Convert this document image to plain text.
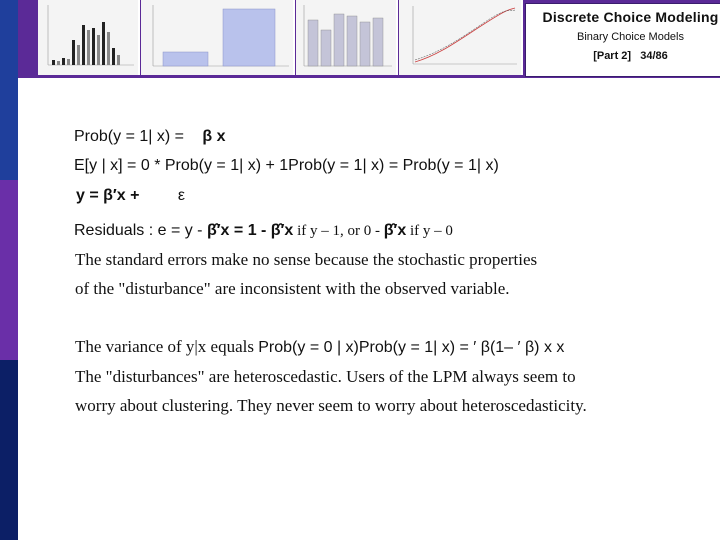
Discrete Choice Modeling
Binary Choice Models
[Part 2] 34/86
Prob(y = 1| x) = β x
E[y | x] = 0 * Prob(y = 1| x) + 1Prob(y = 1| x) = Prob(y = 1| x)
y = β′x + ε
Residuals : e = y - β̂′x = 1 - β̂′x if y – 1, or 0 - β̂′x if y – 0
The standard errors make no sense because the stochastic properties
of the "disturbance" are inconsistent with the observed variable.
The variance of y|x equals Prob(y = 0 | x)Prob(y = 1| x) = ′ β(1– ′ β) x x
The "disturbances" are heteroscedastic. Users of the LPM always seem to
worry about clustering. They never seem to worry about heteroscedasticity.
